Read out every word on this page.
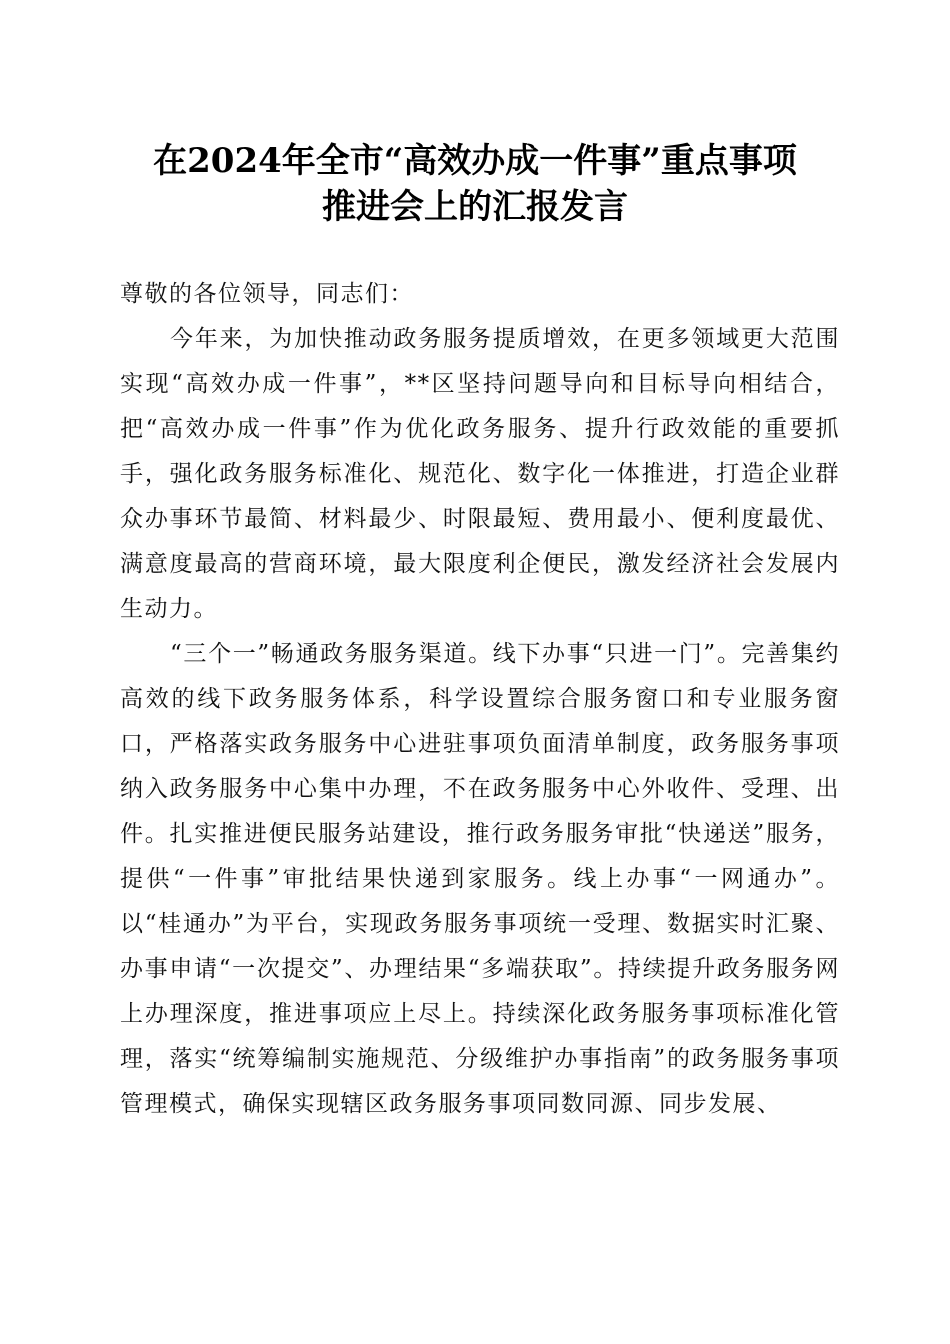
在2024年全市“高效办成一件事”重点事项
推进会上的汇报发言

尊敬的各位领导，同志们：

今年来，为加快推动政务服务提质增效，在更多领域更大范围实现“高效办成一件事”，**区坚持问题导向和目标导向相结合，把“高效办成一件事”作为优化政务服务、提升行政效能的重要抓手，强化政务服务标准化、规范化、数字化一体推进，打造企业群众办事环节最简、材料最少、时限最短、费用最小、便利度最优、满意度最高的营商环境，最大限度利企便民，激发经济社会发展内生动力。

“三个一”畅通政务服务渠道。线下办事“只进一门”。完善集约高效的线下政务服务体系，科学设置综合服务窗口和专业服务窗口，严格落实政务服务中心进驻事项负面清单制度，政务服务事项纳入政务服务中心集中办理，不在政务服务中心外收件、受理、出件。扎实推进便民服务站建设，推行政务服务审批“快递送”服务，提供“一件事”审批结果快递到家服务。线上办事“一网通办”。以“桂通办”为平台，实现政务服务事项统一受理、数据实时汇聚、办事申请“一次提交”、办理结果“多端获取”。持续提升政务服务网上办理深度，推进事项应上尽上。持续深化政务服务事项标准化管理，落实“统筹编制实施规范、分级维护办事指南”的政务服务事项管理模式，确保实现辖区政务服务事项同数同源、同步发展、
